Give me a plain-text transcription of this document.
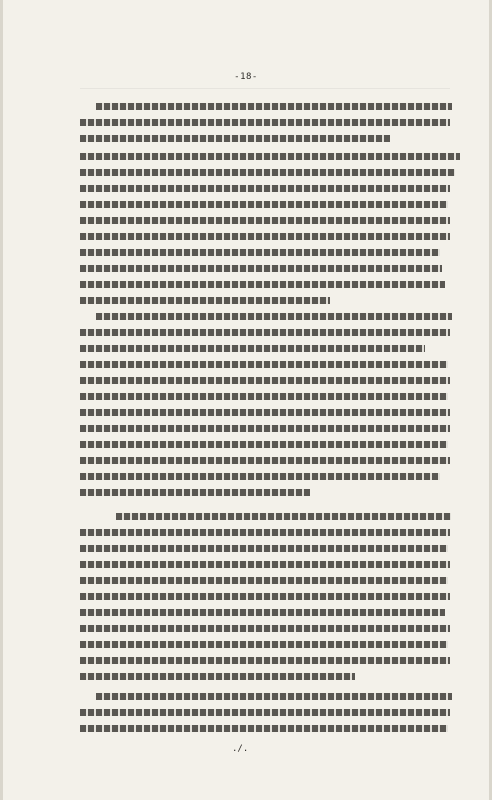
-18-
./.
